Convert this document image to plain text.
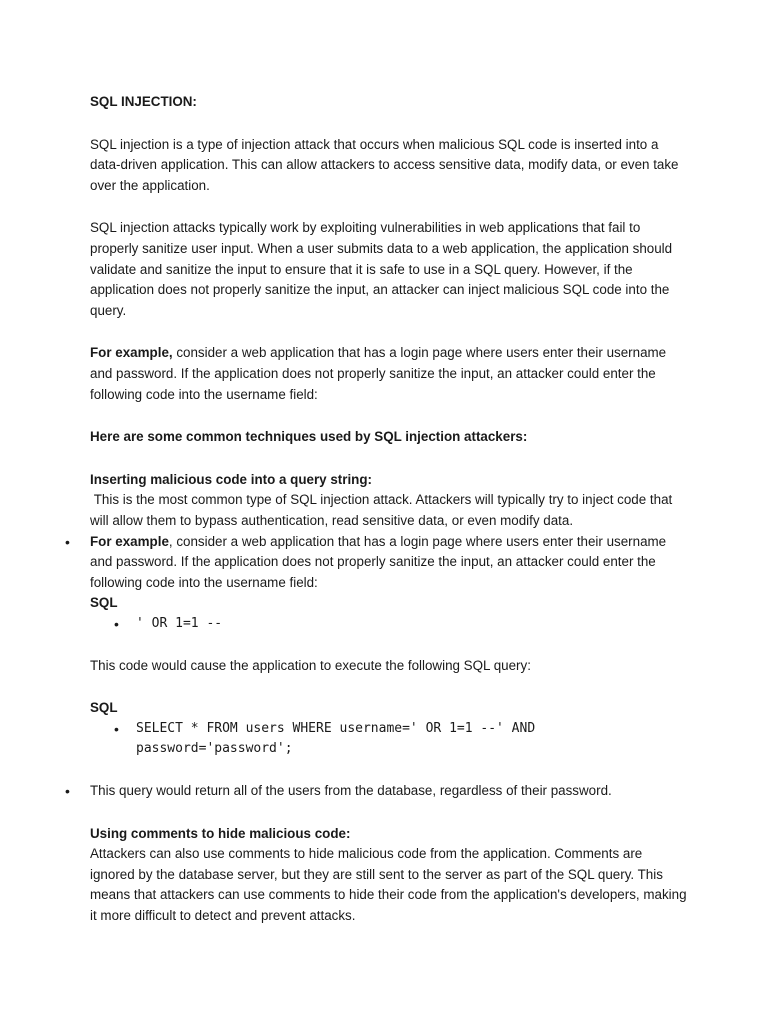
SQL INJECTION:

SQL injection is a type of injection attack that occurs when malicious SQL code is inserted into a data-driven application. This can allow attackers to access sensitive data, modify data, or even take over the application.

SQL injection attacks typically work by exploiting vulnerabilities in web applications that fail to properly sanitize user input. When a user submits data to a web application, the application should validate and sanitize the input to ensure that it is safe to use in a SQL query. However, if the application does not properly sanitize the input, an attacker can inject malicious SQL code into the query.

For example, consider a web application that has a login page where users enter their username and password. If the application does not properly sanitize the input, an attacker could enter the following code into the username field:

Here are some common techniques used by SQL injection attackers:

Inserting malicious code into a query string:

This is the most common type of SQL injection attack. Attackers will typically try to inject code that will allow them to bypass authentication, read sensitive data, or even modify data.

• For example, consider a web application that has a login page where users enter their username and password. If the application does not properly sanitize the input, an attacker could enter the following code into the username field:

SQL

• ' OR 1=1 --

This code would cause the application to execute the following SQL query:

SQL

• SELECT * FROM users WHERE username=' OR 1=1 --' AND
password='password';

• This query would return all of the users from the database, regardless of their password.

Using comments to hide malicious code:

Attackers can also use comments to hide malicious code from the application. Comments are ignored by the database server, but they are still sent to the server as part of the SQL query. This means that attackers can use comments to hide their code from the application's developers, making it more difficult to detect and prevent attacks.
